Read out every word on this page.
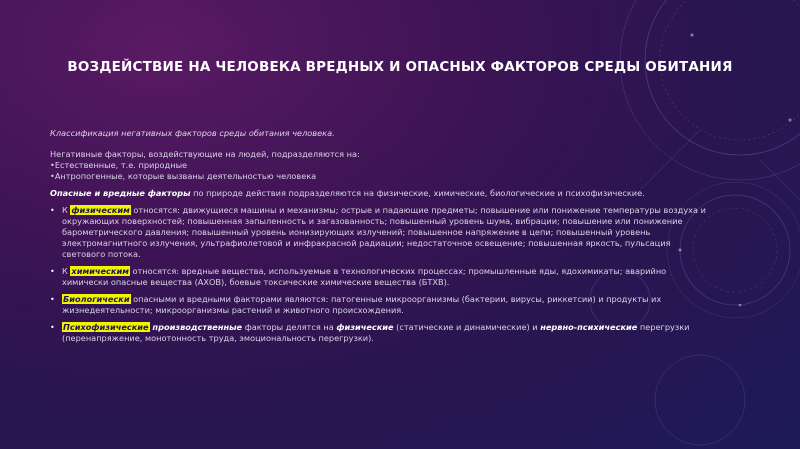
ВОЗДЕЙСТВИЕ НА ЧЕЛОВЕКА ВРЕДНЫХ И ОПАСНЫХ ФАКТОРОВ СРЕДЫ ОБИТАНИЯ

Классификация негативных факторов среды обитания человека.

Негативные факторы, воздействующие на людей, подразделяются на:

•Естественные, т.е. природные

•Антропогенные, которые вызваны деятельностью человека

Опасные и вредные факторы по природе действия подразделяются на физические, химические, биологические и психофизические.

• К физическим относятся: движущиеся машины и механизмы; острые и падающие предметы; повышение или понижение температуры воздуха и окружающих поверхностей; повышенная запыленность и загазованность; повышенный уровень шума, вибрации; повышение или понижение барометрического давления; повышенный уровень ионизирующих излучений; повышенное напряжение в цепи; повышенный уровень электромагнитного излучения, ультрафиолетовой и инфракрасной радиации; недостаточное освещение; повышенная яркость, пульсация светового потока.
• К химическим относятся: вредные вещества, используемые в технологических процессах; промышленные яды, ядохимикаты; аварийно химически опасные вещества (АХОВ), боевые токсические химические вещества (БТХВ).
• Биологически опасными и вредными факторами являются: патогенные микроорганизмы (бактерии, вирусы, риккетсии) и продукты их жизнедеятельности; микроорганизмы растений и животного происхождения.
• Психофизические производственные факторы делятся на физические (статические и динамические) и нервно-психические перегрузки (перенапряжение, монотонность труда, эмоциональность перегрузки).
